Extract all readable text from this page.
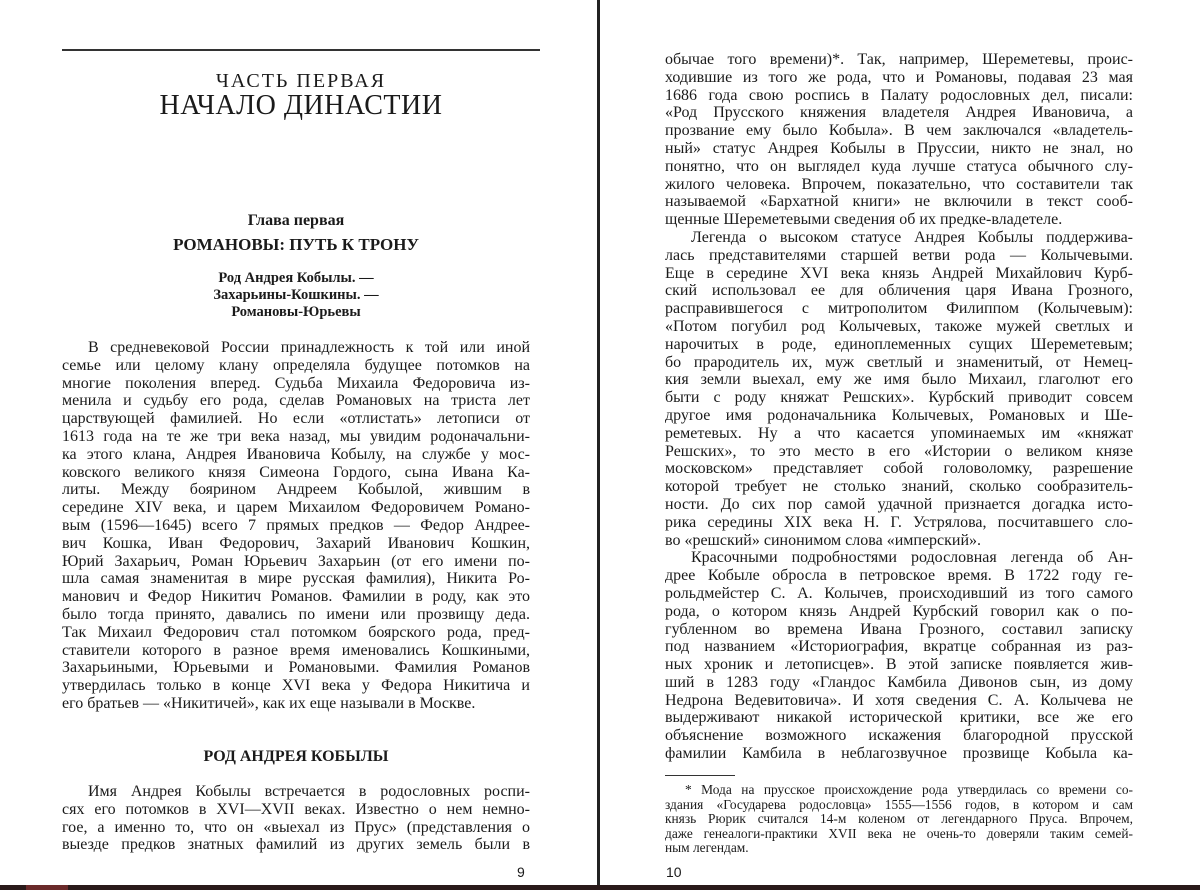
ЧАСТЬ ПЕРВАЯ
НАЧАЛО ДИНАСТИИ
Глава первая
РОМАНОВЫ: ПУТЬ К ТРОНУ
Род Андрея Кобылы. —
Захарьины-Кошкины. —
Романовы-Юрьевы
В средневековой России принадлежность к той или иной
семье или целому клану определяла будущее потомков на
многие поколения вперед. Судьба Михаила Федоровича из-
менила и судьбу его рода, сделав Романовых на триста лет
царствующей фамилией. Но если «отлистать» летописи от
1613 года на те же три века назад, мы увидим родоначальни-
ка этого клана, Андрея Ивановича Кобылу, на службе у мос-
ковского великого князя Симеона Гордого, сына Ивана Ка-
литы. Между боярином Андреем Кобылой, жившим в
середине XIV века, и царем Михаилом Федоровичем Романо-
вым (1596—1645) всего 7 прямых предков — Федор Андрее-
вич Кошка, Иван Федорович, Захарий Иванович Кошкин,
Юрий Захарьич, Роман Юрьевич Захарьин (от его имени по-
шла самая знаменитая в мире русская фамилия), Никита Ро-
манович и Федор Никитич Романов. Фамилии в роду, как это
было тогда принято, давались по имени или прозвищу деда.
Так Михаил Федорович стал потомком боярского рода, пред-
ставители которого в разное время именовались Кошкиными,
Захарьиными, Юрьевыми и Романовыми. Фамилия Романов
утвердилась только в конце XVI века у Федора Никитича и
его братьев — «Никитичей», как их еще называли в Москве.
РОД АНДРЕЯ КОБЫЛЫ
Имя Андрея Кобылы встречается в родословных роспи-
сях его потомков в XVI—XVII веках. Известно о нем немно-
гое, а именно то, что он «выехал из Прус» (представления о
выезде предков знатных фамилий из других земель были в
9
обычае того времени)*. Так, например, Шереметевы, проис-
ходившие из того же рода, что и Романовы, подавая 23 мая
1686 года свою роспись в Палату родословных дел, писали:
«Род Прусского княжения владетеля Андрея Ивановича, а
прозвание ему было Кобыла». В чем заключался «владетель-
ный» статус Андрея Кобылы в Пруссии, никто не знал, но
понятно, что он выглядел куда лучше статуса обычного слу-
жилого человека. Впрочем, показательно, что составители так
называемой «Бархатной книги» не включили в текст сооб-
щенные Шереметевыми сведения об их предке-владетеле.
Легенда о высоком статусе Андрея Кобылы поддержива-
лась представителями старшей ветви рода — Колычевыми.
Еще в середине XVI века князь Андрей Михайлович Курб-
ский использовал ее для обличения царя Ивана Грозного,
расправившегося с митрополитом Филиппом (Колычевым):
«Потом погубил род Колычевых, такоже мужей светлых и
нарочитых в роде, единоплеменных сущих Шереметевым;
бо прародитель их, муж светлый и знаменитый, от Немец-
кия земли выехал, ему же имя было Михаил, глаголют его
быти с роду княжат Решских». Курбский приводит совсем
другое имя родоначальника Колычевых, Романовых и Ше-
реметевых. Ну а что касается упоминаемых им «княжат
Решских», то это место в его «Истории о великом князе
московском» представляет собой головоломку, разрешение
которой требует не столько знаний, сколько сообразитель-
ности. До сих пор самой удачной признается догадка исто-
рика середины XIX века Н. Г. Устрялова, посчитавшего сло-
во «решский» синонимом слова «имперский».
Красочными подробностями родословная легенда об Ан-
дрее Кобыле обросла в петровское время. В 1722 году ге-
рольдмейстер С. А. Колычев, происходивший из того самого
рода, о котором князь Андрей Курбский говорил как о по-
губленном во времена Ивана Грозного, составил записку
под названием «Историография, вкратце собранная из раз-
ных хроник и летописцев». В этой записке появляется жив-
ший в 1283 году «Гландос Камбила Дивонов сын, из дому
Недрона Ведевитовича». И хотя сведения С. А. Колычева не
выдерживают никакой исторической критики, все же его
объяснение возможного искажения благородной прусской
фамилии Камбила в неблагозвучное прозвище Кобыла ка-
* Мода на прусское происхождение рода утвердилась со времени со-
здания «Государева родословца» 1555—1556 годов, в котором и сам
князь Рюрик считался 14-м коленом от легендарного Пруса. Впрочем,
даже генеалоги-практики XVII века не очень-то доверяли таким семей-
ным легендам.
10
